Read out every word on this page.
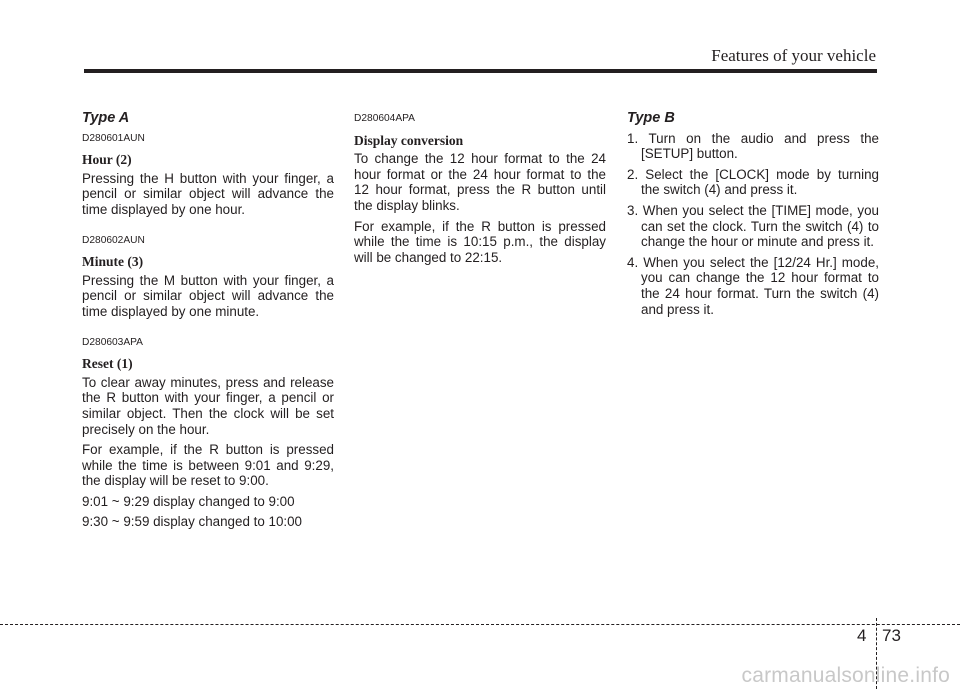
Features of your vehicle
Type A
D280601AUN
Hour (2)

Pressing the H button with your finger, a pencil or similar object will advance the time displayed by one hour.

D280602AUN
Minute (3)

Pressing the M button with your finger, a pencil or similar object will advance the time displayed by one minute.

D280603APA
Reset (1)

To clear away minutes, press and release the R button with your finger, a pencil or similar object. Then the clock will be set precisely on the hour.

For example, if the R button is pressed while the time is between 9:01 and 9:29, the display will be reset to 9:00.

9:01 ~ 9:29 display changed to 9:00

9:30 ~ 9:59 display changed to 10:00

D280604APA
Display conversion

To change the 12 hour format to the 24 hour format or the 24 hour format to the 12 hour format, press the R button until the display blinks.

For example, if the R button is pressed while the time is 10:15 p.m., the display will be changed to 22:15.

Type B
1. Turn on the audio and press the [SETUP] button.
2. Select the [CLOCK] mode by turning the switch (4) and press it.
3. When you select the [TIME] mode, you can set the clock. Turn the switch (4) to change the hour or minute and press it.
4. When you select the [12/24 Hr.] mode, you can change the 12 hour format to the 24 hour format. Turn the switch (4) and press it.
4 73
carmanualsonline.info
